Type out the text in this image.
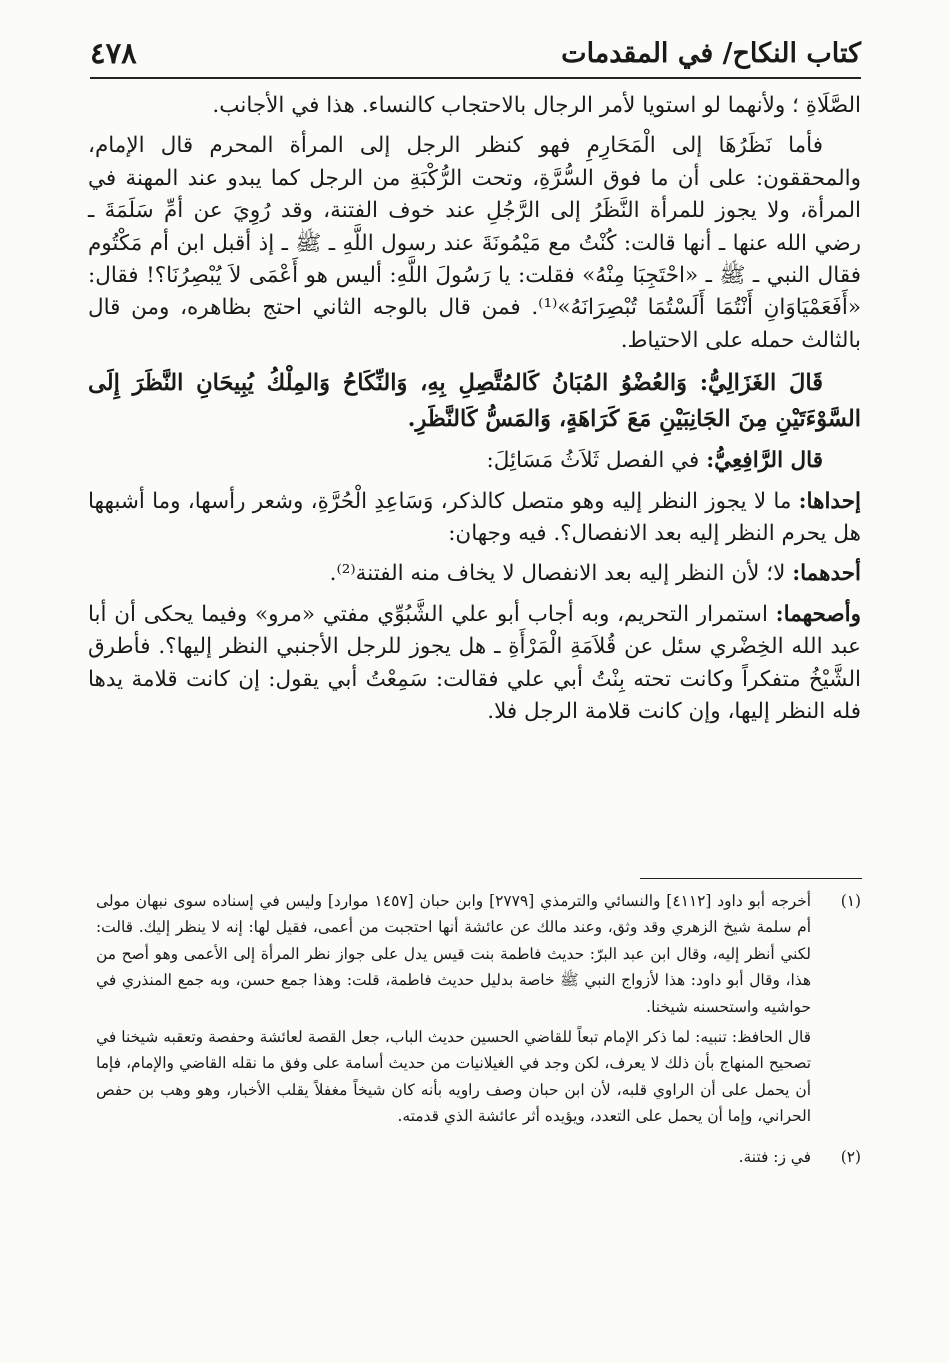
كتاب النكاح/ في المقدمات
٤٧٨

الصَّلَاةِ ؛ ولأنهما لو استويا لأمر الرجال بالاحتجاب كالنساء. هذا في الأجانب.

فأما نَظَرُهَا إلى الْمَحَارِمِ فهو كنظر الرجل إلى المرأة المحرم قال الإمام، والمحققون: على أن ما فوق السُّرَّةِ، وتحت الرُّكْبَةِ من الرجل كما يبدو عند المهنة في المرأة، ولا يجوز للمرأة النَّظَرُ إلى الرَّجُلِ عند خوف الفتنة، وقد رُوِيَ عن أمِّ سَلَمَةَ ـ رضي الله عنها ـ أنها قالت: كُنْتُ مع مَيْمُونَةَ عند رسول اللَّهِ ـ ﷺ ـ إذ أقبل ابن أم مَكْتُوم فقال النبي ـ ﷺ ـ «احْتَجِبَا مِنْهُ» فقلت: يا رَسُولَ اللَّهِ: أليس هو أَعْمَى لاَ يُبْصِرُنَا؟! فقال: «أَفَعَمْيَاوَانِ أَنْتُمَا أَلَسْتُمَا تُبْصِرَانَهُ»⁽¹⁾. فمن قال بالوجه الثاني احتج بظاهره، ومن قال بالثالث حمله على الاحتياط.

قَالَ الغَزَالِيُّ: وَالعُضْوُ المُبَانُ كَالمُتَّصِلِ بِهِ، وَالنِّكَاحُ وَالمِلْكُ يُبِيحَانِ النَّظَرَ إِلَى السَّوْءَتَيْنِ مِنَ الجَانِبَيْنِ مَعَ كَرَاهَةٍ، وَالمَسُّ كَالنَّظَرِ.

قال الرَّافِعِيُّ: في الفصل ثَلاَثُ مَسَائِلَ:

إحداها: ما لا يجوز النظر إليه وهو متصل كالذكر، وَسَاعِدِ الْحُرَّةِ، وشعر رأسها، وما أشبهها هل يحرم النظر إليه بعد الانفصال؟. فيه وجهان:

أحدهما: لا؛ لأن النظر إليه بعد الانفصال لا يخاف منه الفتنة⁽²⁾.

وأصحهما: استمرار التحريم، وبه أجاب أبو علي الشَّبُوِّي مفتي «مرو» وفيما يحكى أن أبا عبد الله الخِضْري سئل عن قُلاَمَةِ الْمَرْأَةِ ـ هل يجوز للرجل الأجنبي النظر إليها؟. فأطرق الشَّيْخُ متفكراً وكانت تحته بِنْتُ أبي علي فقالت: سَمِعْتُ أبي يقول: إن كانت قلامة يدها فله النظر إليها، وإن كانت قلامة الرجل فلا.

(١)
أخرجه أبو داود [٤١١٢] والنسائي والترمذي [٢٧٧٩] وابن حبان [١٤٥٧ موارد] وليس في إسناده سوى نبهان مولى أم سلمة شيخ الزهري وقد وثق، وعند مالك عن عائشة أنها احتجبت من أعمى، فقيل لها: إنه لا ينظر إليك. قالت: لكني أنظر إليه، وقال ابن عبد البرّ: حديث فاطمة بنت قيس يدل على جواز نظر المرأة إلى الأعمى وهو أصح من هذا، وقال أبو داود: هذا لأزواج النبي ﷺ خاصة بدليل حديث فاطمة، قلت: وهذا جمع حسن، وبه جمع المنذري في حواشيه واستحسنه شيخنا.
قال الحافظ: تنبيه: لما ذكر الإمام تبعاً للقاضي الحسين حديث الباب، جعل القصة لعائشة وحفصة وتعقبه شيخنا في تصحيح المنهاج بأن ذلك لا يعرف، لكن وجد في الغيلانيات من حديث أسامة على وفق ما نقله القاضي والإمام، فإما أن يحمل على أن الراوي قلبه، لأن ابن حبان وصف راويه بأنه كان شيخاً مغفلاً يقلب الأخبار، وهو وهب بن حفص الحراني، وإما أن يحمل على التعدد، ويؤيده أثر عائشة الذي قدمته.
(٢)
في ز: فتنة.
